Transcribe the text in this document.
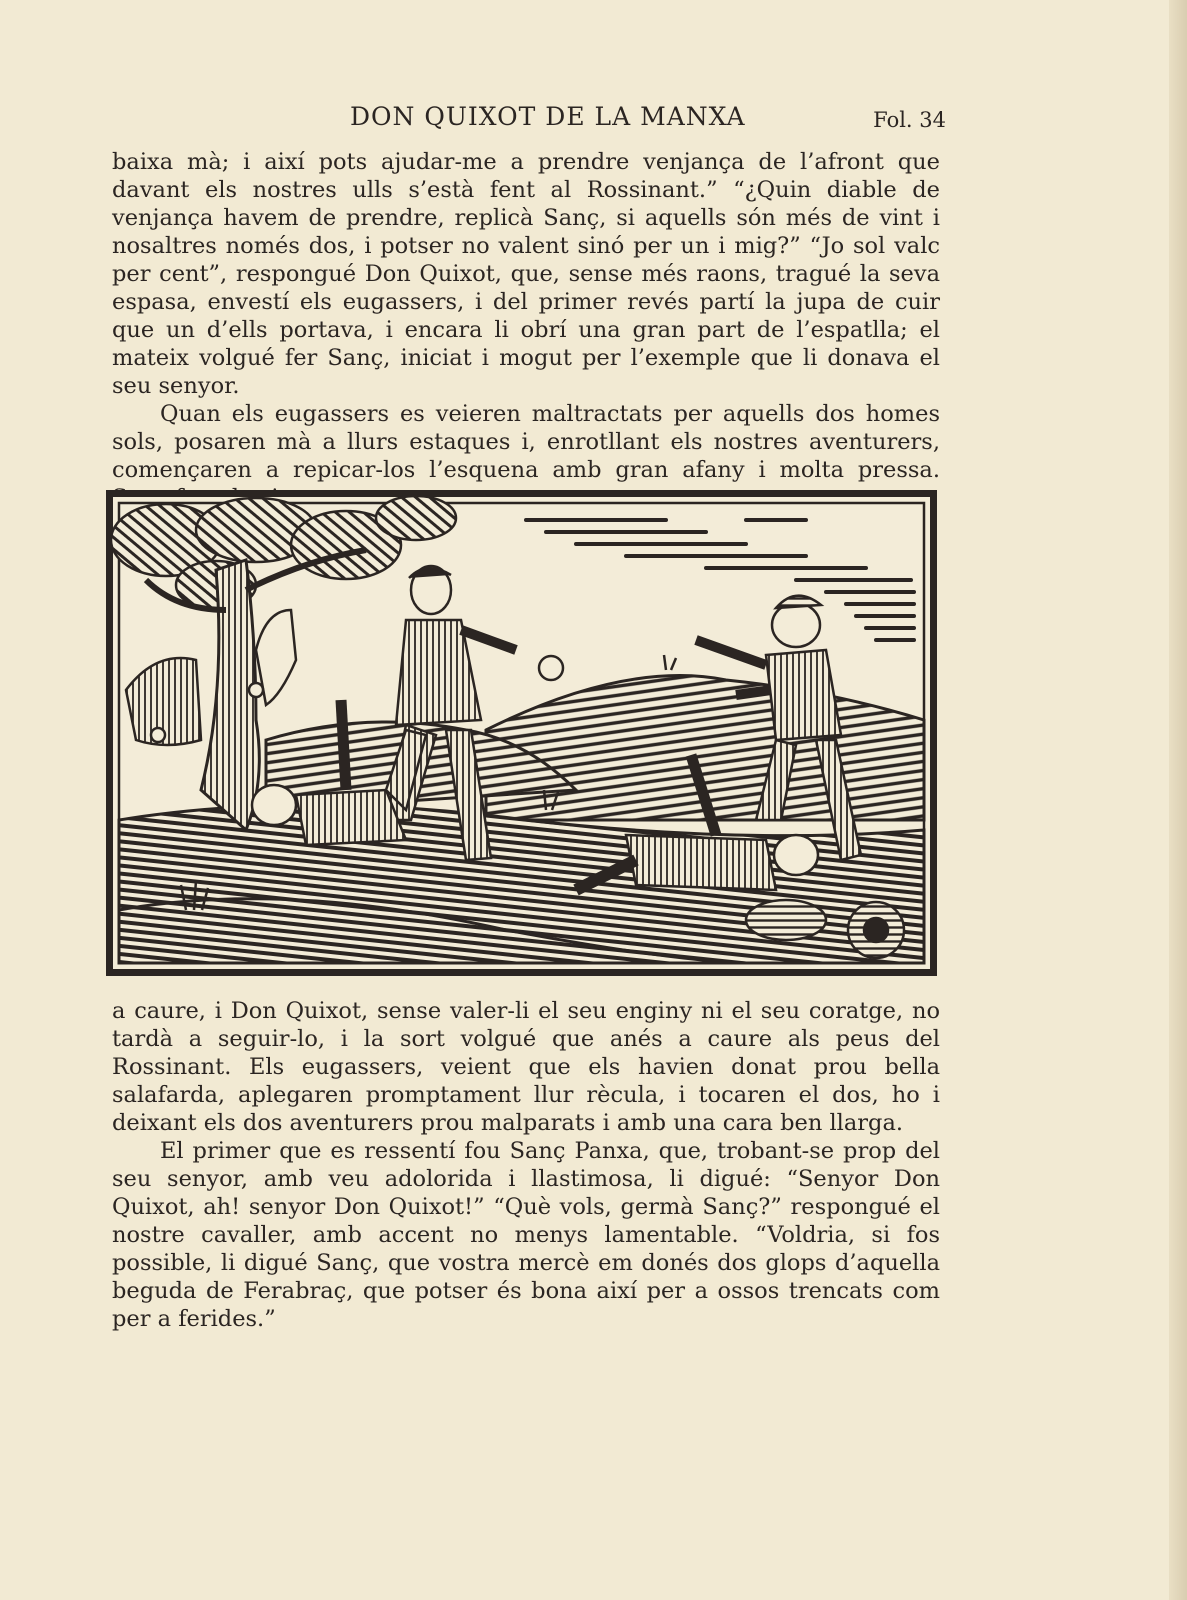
DON QUIXOT DE LA MANXA	Fol. 34

baixa mà; i així pots ajudar-me a prendre venjança de l’afront que davant els nostres ulls s’està fent al Rossinant.” “¿Quin diable de venjança havem de prendre, replicà Sanç, si aquells són més de vint i nosaltres només dos, i potser no valent sinó per un i mig?” “Jo sol valc per cent”, respongué Don Quixot, que, sense més raons, tragué la seva espasa, envestí els eugassers, i del primer revés partí la jupa de cuir que un d’ells portava, i encara li obrí una gran part de l’espatlla; el mateix volgué fer Sanç, iniciat i mogut per l’exemple que li donava el seu senyor.

Quan els eugassers es veieren maltractats per aquells dos homes sols, posaren mà a llurs estaques i, enrotllant els nostres aventurers, començaren a repicar-los l’esquena amb gran afany i molta pressa.

a caure, i Don Quixot, sense valer-li el seu enginy ni el seu coratge, no tardà a seguir-lo, i la sort volgué que anés a caure als peus del Rossinant. Els eugassers, veient que els havien donat prou bella salafarda, aplegaren promptament llur rècula, i tocaren el dos, ho i deixant els dos aventurers prou malparats i amb una cara ben llarga.

El primer que es ressentí fou Sanç Panxa, que, trobant-se prop del seu senyor, amb veu adolorida i llastimosa, li digué: “Senyor Don Quixot, ah! senyor Don Quixot!” “Què vols, germà Sanç?” respongué el nostre cavaller, amb accent no menys lamentable. “Voldria, si fos possible, li digué Sanç, que vostra mercè em donés dos glops d’aquella beguda de Ferabraç, que potser és bona així per a ossos trencats com per a ferides.”
